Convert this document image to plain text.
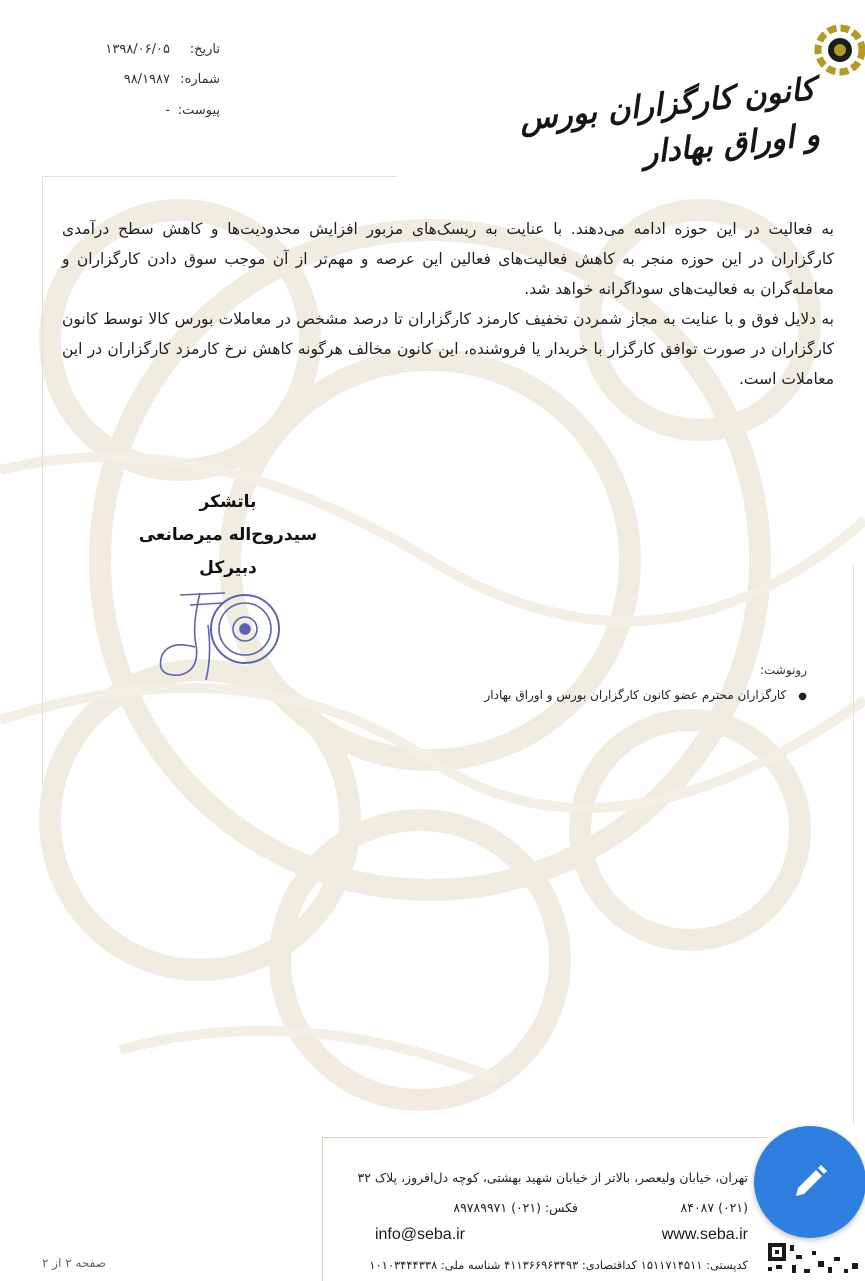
کانون کارگزاران بورس و اوراق بهادار
تاریخ:۱۳۹۸/۰۶/۰۵
شماره:۹۸/۱۹۸۷
پیوست:-

به فعالیت در این حوزه ادامه می‌دهند. با عنایت به ریسک‌های مزبور افزایش محدودیت‌ها و کاهش سطح درآمدی کارگزاران در این حوزه منجر به کاهش فعالیت‌های فعالین این عرصه و مهم‌تر از آن موجب سوق دادن کارگزاران و معامله‌گران به فعالیت‌های سوداگرانه خواهد شد.

به دلایل فوق و با عنایت به مجاز شمردن تخفیف کارمزد کارگزاران تا درصد مشخص در معاملات بورس کالا توسط کانون کارگزاران در صورت توافق کارگزار با خریدار یا فروشنده، این کانون مخالف هرگونه کاهش نرخ کارمزد کارگزاران در این معاملات است.

باتشکر
سیدروح‌اله میرصانعی
دبیرکل
رونوشت:
●کارگزاران محترم عضو کانون کارگزاران بورس و اوراق بهادار
تهران، خیابان ولیعصر، بالاتر از خیابان شهید بهشتی، کوچه دل‌افروز، پلاک ۳۲
(۰۲۱) ۸۴۰۸۷
فکس: (۰۲۱) ۸۹۷۸۹۹۷۱
www.seba.ir
info@seba.ir
کدپستی: ۱۵۱۱۷۱۴۵۱۱ کداقتصادی: ۴۱۱۳۶۶۹۶۳۴۹۳ شناسه ملی: ۱۰۱۰۳۴۴۴۳۳۸
صفحه ۲ از ۲
